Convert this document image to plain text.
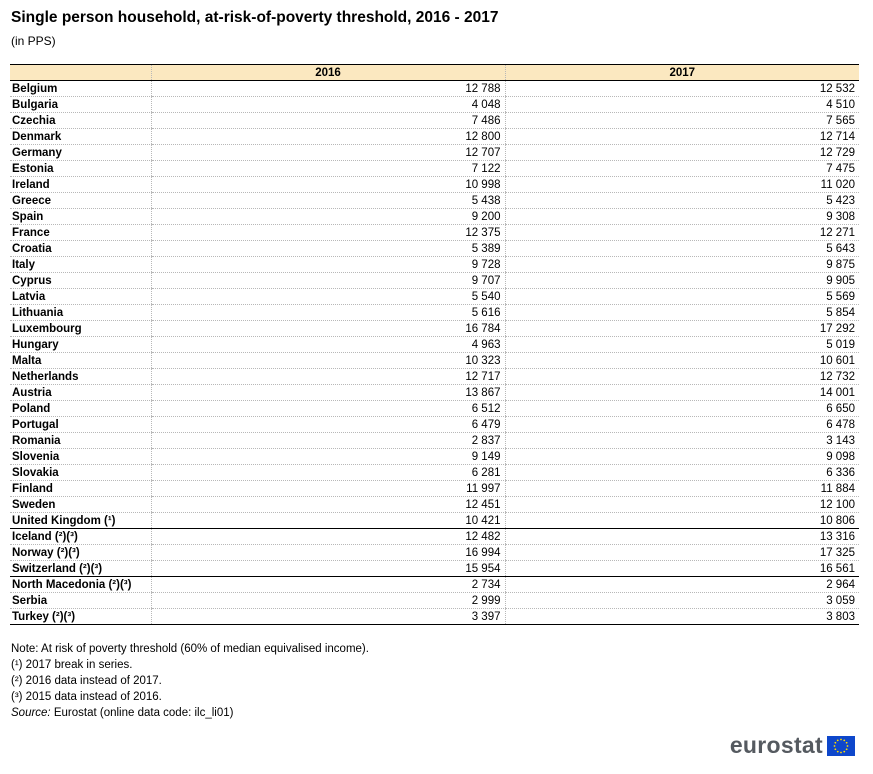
Single person household, at-risk-of-poverty threshold, 2016 - 2017
(in PPS)
	2016	2017
Belgium	12 788	12 532
Bulgaria	4 048	4 510
Czechia	7 486	7 565
Denmark	12 800	12 714
Germany	12 707	12 729
Estonia	7 122	7 475
Ireland	10 998	11 020
Greece	5 438	5 423
Spain	9 200	9 308
France	12 375	12 271
Croatia	5 389	5 643
Italy	9 728	9 875
Cyprus	9 707	9 905
Latvia	5 540	5 569
Lithuania	5 616	5 854
Luxembourg	16 784	17 292
Hungary	4 963	5 019
Malta	10 323	10 601
Netherlands	12 717	12 732
Austria	13 867	14 001
Poland	6 512	6 650
Portugal	6 479	6 478
Romania	2 837	3 143
Slovenia	9 149	9 098
Slovakia	6 281	6 336
Finland	11 997	11 884
Sweden	12 451	12 100
United Kingdom (¹)	10 421	10 806
Iceland (²)(³)	12 482	13 316
Norway (²)(³)	16 994	17 325
Switzerland (²)(³)	15 954	16 561
North Macedonia (²)(³)	2 734	2 964
Serbia	2 999	3 059
Turkey (²)(³)	3 397	3 803
Note: At risk of poverty threshold (60% of median equivalised income).
(¹) 2017 break in series.
(²) 2016 data instead of 2017.
(³) 2015 data instead of 2016.
Source: Eurostat (online data code: ilc_li01)
eurostat
